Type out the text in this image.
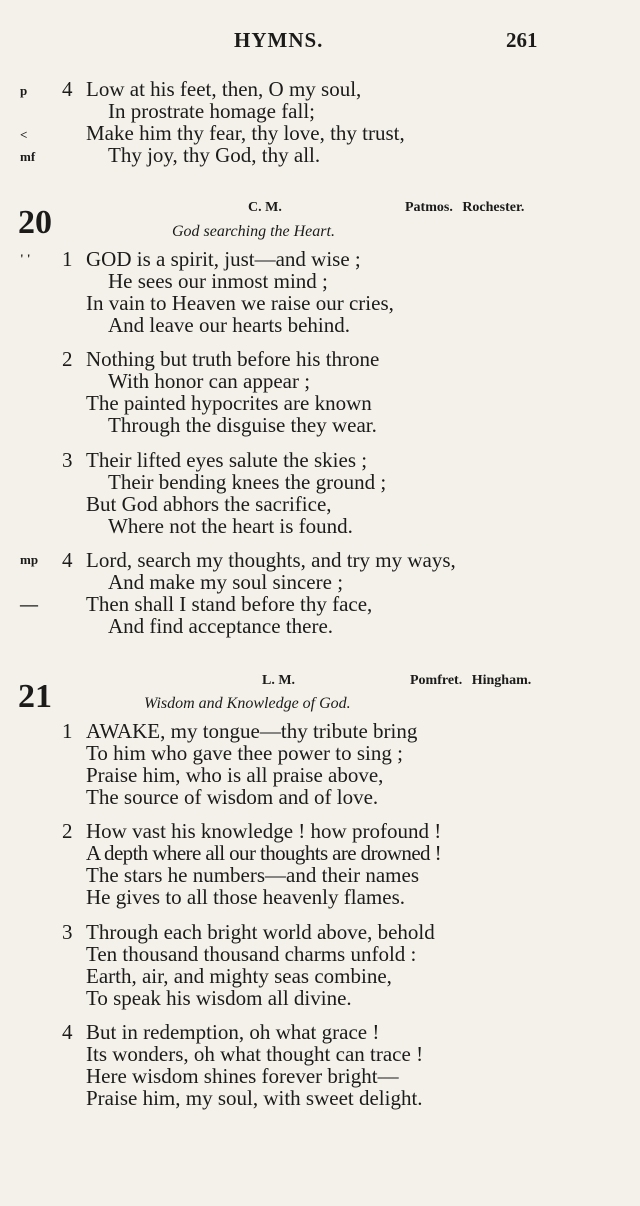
HYMNS.	261
p
<
mf
4 Low at his feet, then, O my soul,
In prostrate homage fall;
Make him thy fear, thy love, thy trust,
Thy joy, thy God, thy all.
20	C. M.	Patmos. Rochester.
God searching the Heart.
' ' 1 GOD is a spirit, just—and wise ;
He sees our inmost mind ;
In vain to Heaven we raise our cries,
And leave our hearts behind.
2 Nothing but truth before his throne
With honor can appear ;
The painted hypocrites are known
Through the disguise they wear.
3 Their lifted eyes salute the skies ;
Their bending knees the ground ;
But God abhors the sacrifice,
Where not the heart is found.
mp 4 Lord, search my thoughts, and try my ways,
And make my soul sincere ;
— Then shall I stand before thy face,
And find acceptance there.
21	L. M.	Pomfret. Hingham.
Wisdom and Knowledge of God.
1 AWAKE, my tongue—thy tribute bring
To him who gave thee power to sing ;
Praise him, who is all praise above,
The source of wisdom and of love.
2 How vast his knowledge ! how profound !
A depth where all our thoughts are drowned !
The stars he numbers—and their names
He gives to all those heavenly flames.
3 Through each bright world above, behold
Ten thousand thousand charms unfold :
Earth, air, and mighty seas combine,
To speak his wisdom all divine.
4 But in redemption, oh what grace !
Its wonders, oh what thought can trace !
Here wisdom shines forever bright—
Praise him, my soul, with sweet delight.
